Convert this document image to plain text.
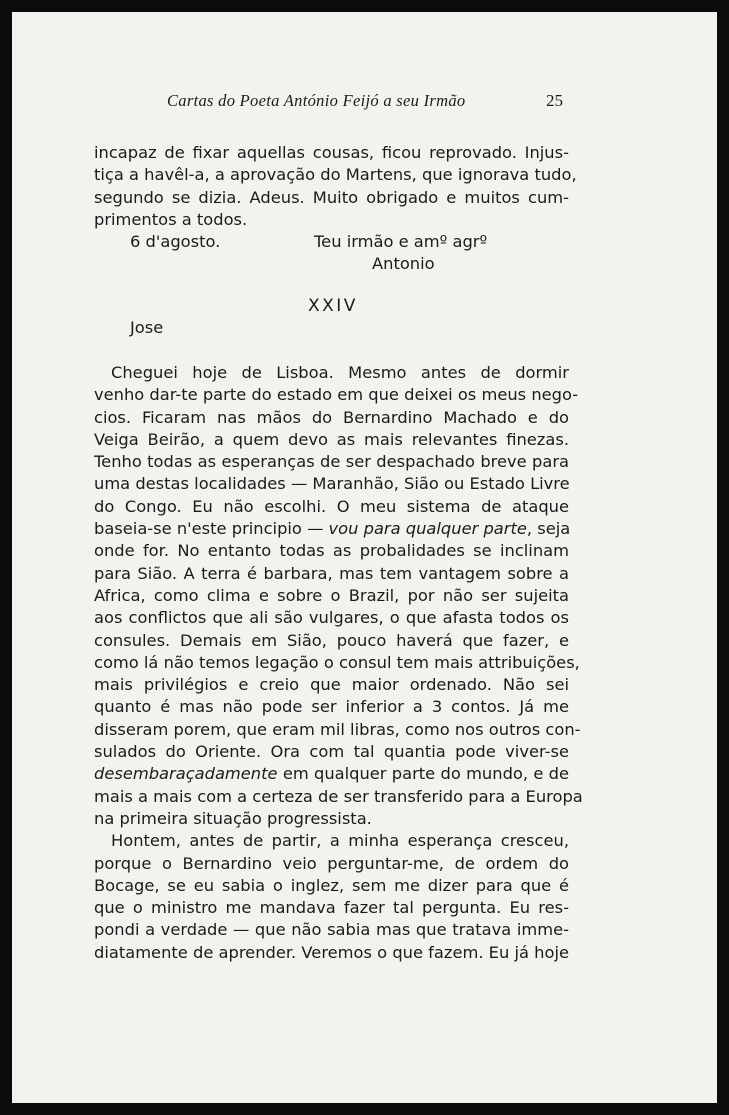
Cartas do Poeta António Feijó a seu Irmão	25
incapaz de fixar aquellas cousas, ficou reprovado. Injus-
tiça a havêl-a, a aprovação do Martens, que ignorava tudo,
segundo se dizia. Adeus. Muito obrigado e muitos cum-
primentos a todos.
6 d'agosto.	Teu irmão e amº agrº
Antonio
XXIV
Jose
Cheguei hoje de Lisboa. Mesmo antes de dormir
venho dar-te parte do estado em que deixei os meus nego-
cios. Ficaram nas mãos do Bernardino Machado e do
Veiga Beirão, a quem devo as mais relevantes finezas.
Tenho todas as esperanças de ser despachado breve para
uma destas localidades — Maranhão, Sião ou Estado Livre
do Congo. Eu não escolhi. O meu sistema de ataque
baseia-se n'este principio — vou para qualquer parte, seja
onde for. No entanto todas as probalidades se inclinam
para Sião. A terra é barbara, mas tem vantagem sobre a
Africa, como clima e sobre o Brazil, por não ser sujeita
aos conflictos que ali são vulgares, o que afasta todos os
consules. Demais em Sião, pouco haverá que fazer, e
como lá não temos legação o consul tem mais attribuições,
mais privilégios e creio que maior ordenado. Não sei
quanto é mas não pode ser inferior a 3 contos. Já me
disseram porem, que eram mil libras, como nos outros con-
sulados do Oriente. Ora com tal quantia pode viver-se
desembaraçadamente em qualquer parte do mundo, e de
mais a mais com a certeza de ser transferido para a Europa
na primeira situação progressista.
Hontem, antes de partir, a minha esperança cresceu,
porque o Bernardino veio perguntar-me, de ordem do
Bocage, se eu sabia o inglez, sem me dizer para que é
que o ministro me mandava fazer tal pergunta. Eu res-
pondi a verdade — que não sabia mas que tratava imme-
diatamente de aprender. Veremos o que fazem. Eu já hoje
